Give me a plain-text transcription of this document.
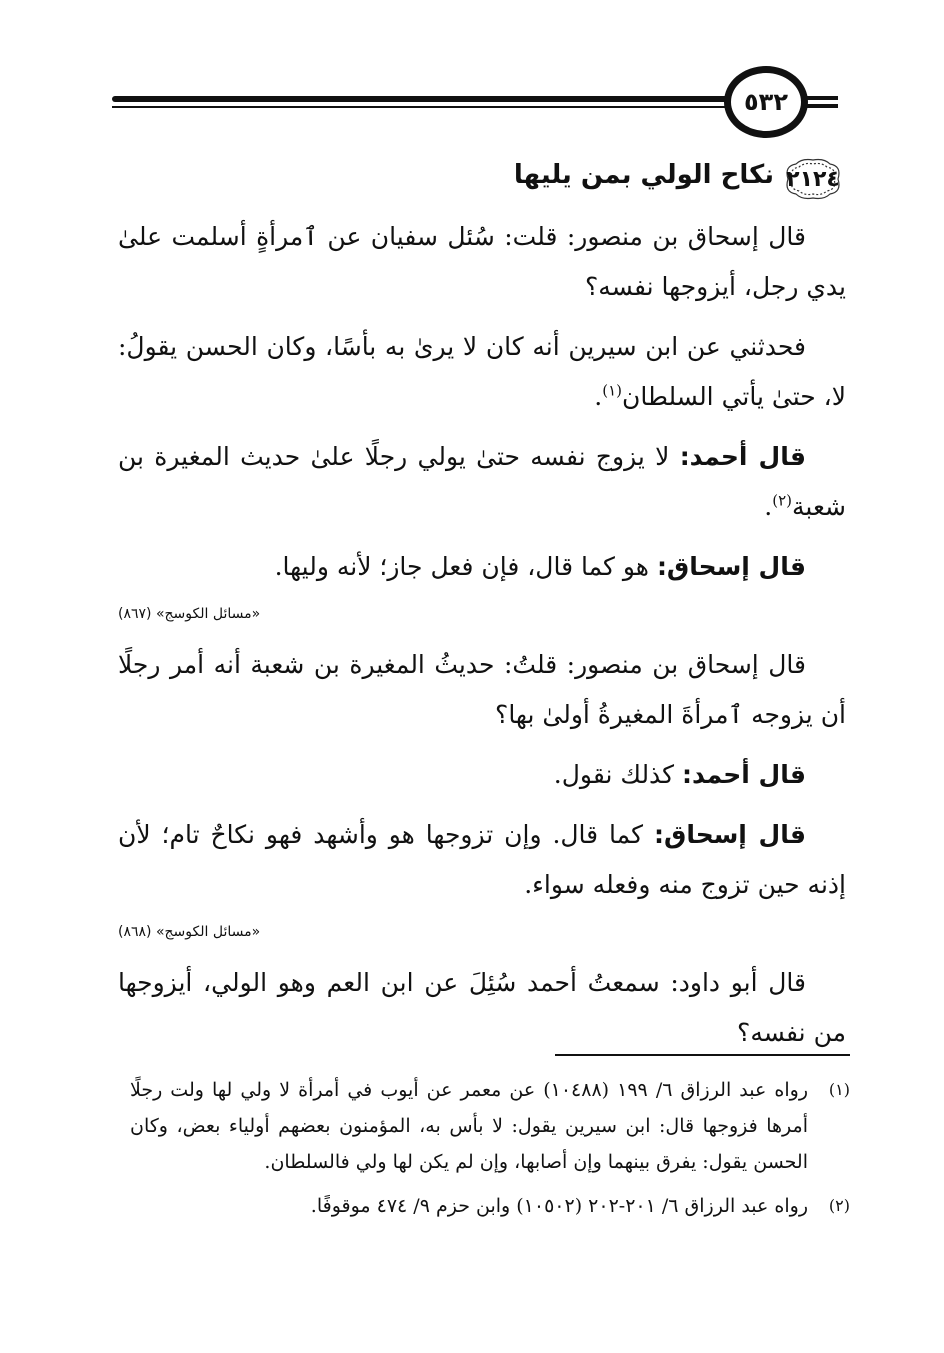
٥٣٢
٢١٢٤
نكاح الولي بمن يليها

قال إسحاق بن منصور: قلت: سُئل سفيان عن ٱمرأةٍ أسلمت علىٰ يدي رجل، أيزوجها نفسه؟

فحدثني عن ابن سيرين أنه كان لا يرىٰ به بأسًا، وكان الحسن يقولُ: لا، حتىٰ يأتي السلطان$^{(١)}$.

قال أحمد: لا يزوج نفسه حتىٰ يولي رجلًا علىٰ حديث المغيرة بن شعبة$^{(٢)}$.

قال إسحاق: هو كما قال، فإن فعل جاز؛ لأنه وليها.

«مسائل الكوسج» (٨٦٧)

قال إسحاق بن منصور: قلتُ: حديثُ المغيرة بن شعبة أنه أمر رجلًا أن يزوجه ٱمرأةَ المغيرةُ أولىٰ بها؟

قال أحمد: كذلك نقول.

قال إسحاق: كما قال. وإن تزوجها هو وأشهد فهو نكاحٌ تام؛ لأن إذنه حين تزوج منه وفعله سواء.

«مسائل الكوسج» (٨٦٨)

قال أبو داود: سمعتُ أحمد سُئِلَ عن ابن العم وهو الولي، أيزوجها من نفسه؟

(١)
رواه عبد الرزاق ٦/ ١٩٩ (١٠٤٨٨) عن معمر عن أيوب في أمرأة لا ولي لها ولت رجلًا أمرها فزوجها قال: ابن سيرين يقول: لا بأس به، المؤمنون بعضهم أولياء بعض، وكان الحسن يقول: يفرق بينهما وإن أصابها، وإن لم يكن لها ولي فالسلطان.
(٢)
رواه عبد الرزاق ٦/ ٢٠١-٢٠٢ (١٠٥٠٢) وابن حزم ٩/ ٤٧٤ موقوفًا.
